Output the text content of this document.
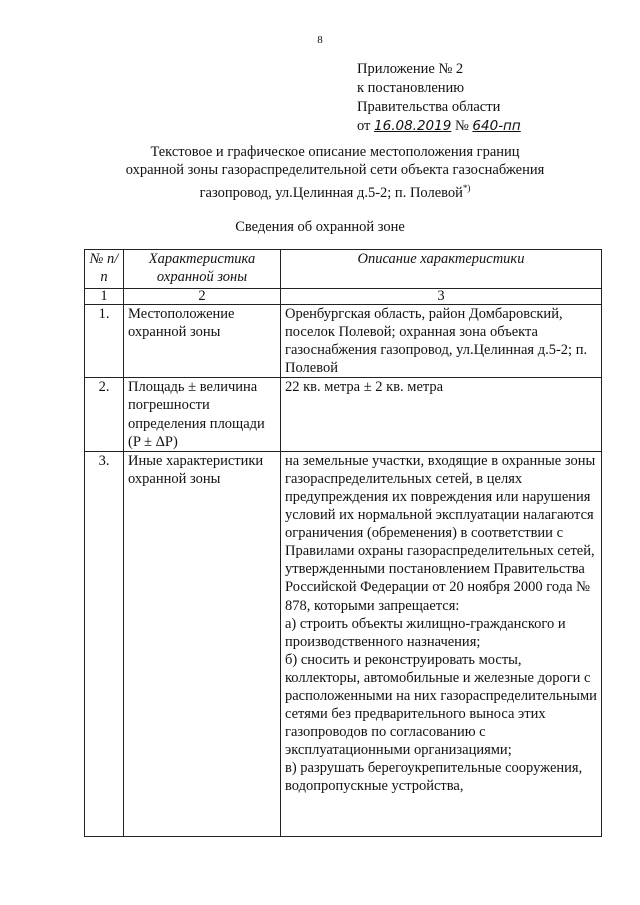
8
Приложение № 2
к постановлению
Правительства области
от 16.08.2019 № 640-пп
Текстовое и графическое описание местоположения границ
охранной зоны газораспределительной сети объекта газоснабжения
газопровод, ул.Целинная д.5-2; п. Полевой*)
Сведения об охранной зоне
№ п/п	Характеристика охранной зоны	Описание характеристики
1	2	3
1.	Местоположение охранной зоны	Оренбургская область, район Домбаровский, поселок Полевой; охранная зона объекта газоснабжения газопровод, ул.Целинная д.5-2; п. Полевой

2.	Площадь ± величина погрешности определения площади (P ± ΔP)	22 кв. метра ± 2 кв. метра

3.	Иные характеристики охранной зоны	на земельные участки, входящие в охранные зоны газораспределительных сетей, в целях предупреждения их повреждения или нарушения условий их нормальной эксплуатации налагаются ограничения (обременения) в соответствии с Правилами охраны газораспределительных сетей, утвержденными постановлением Правительства Российской Федерации от 20 ноября 2000 года № 878, которыми запрещается:
а) строить объекты жилищно-гражданского и производственного назначения;
б) сносить и реконструировать мосты, коллекторы, автомобильные и железные дороги с расположенными на них газораспределительными сетями без предварительного выноса этих газопроводов по согласованию с эксплуатационными организациями;
в) разрушать берегоукрепительные сооружения, водопропускные устройства,
